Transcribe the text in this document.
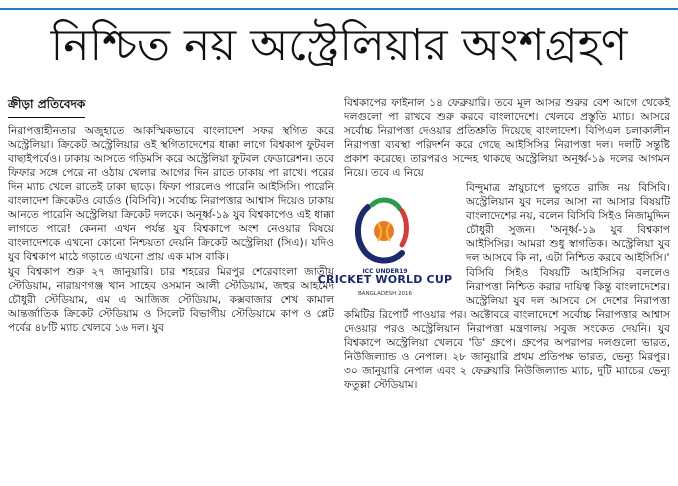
নিশ্চিত নয় অস্ট্রেলিয়ার অংশগ্রহণ
ক্রীড়া প্রতিবেদক

নিরাপত্তাহীনতার অজুহাতে আকস্মিকভাবে বাংলাদেশ সফর স্থগিত করে অস্ট্রেলিয়া। ক্রিকেট অস্ট্রেলিয়ার ওই স্থগিতাদেশের ধাক্কা লাগে বিশ্বকাপ ফুটবল বাছাইপর্বেও। ঢাকায় আসতে গড়িমসি করে অস্ট্রেলিয়া ফুটবল ফেডারেশন। তবে ফিফার সঙ্গে পেরে না ওঠায় খেলার আগের দিন রাতে ঢাকায় পা রাখে। পরের দিন ম্যাচ খেলে রাতেই ঢাকা ছাড়ে। ফিফা পারলেও পারেনি আইসিসি। পারেনি বাংলাদেশ ক্রিকেটও বোর্ডও (বিসিবি)। সর্বোচ্চ নিরাপত্তার আশ্বাস দিয়েও ঢাকায় আনতে পারেনি অস্ট্রেলিয়া ক্রিকেট দলকে। অনূর্ধ্ব-১৯ যুব বিশ্বকাপেও এই ধাক্কা লাগতে পারে! কেননা এখন পর্যন্ত যুব বিশ্বকাপে অংশ নেওয়ার বিষয়ে বাংলাদেশকে এখনো কোনো নিশ্চয়তা দেয়নি ক্রিকেট অস্ট্রেলিয়া (সিএ)। যদিও যুব বিশ্বকাপ মাঠে গড়াতে এখনো প্রায় এক মাস বাকি।

যুব বিশ্বকাপ শুরু ২৭ জানুয়ারি। চার শহরের মিরপুর শেরেবাংলা জাতীয় স্টেডিয়াম, নারায়ণগঞ্জ খান সাহেব ওসমান আলী স্টেডিয়াম, জহুর আহমেদ চৌধুরী স্টেডিয়াম, এম এ আজিজ স্টেডিয়াম, কক্সবাজার শেখ কামাল আন্তর্জাতিক ক্রিকেট স্টেডিয়াম ও সিলেট বিভাগীয় স্টেডিয়ামে কাপ ও প্লেট পর্বের ৪৮টি ম্যাচ খেলবে ১৬ দল। যুব

বিশ্বকাপের ফাইনাল ১৪ ফেব্রুয়ারি। তবে মূল আসর শুরুর বেশ আগে থেকেই দলগুলো পা রাখবে শুরু করবে বাংলাদেশে। খেলবে প্রস্তুতি ম্যাচ। আসরে সর্বোচ্চ নিরাপত্তা দেওয়ার প্রতিশ্রুতি দিয়েছে বাংলাদেশ। বিপিএল চলাকালীন নিরাপত্তা ব্যবস্থা পরিদর্শন করে গেছে আইসিসির নিরাপত্তা দল। দলটি সন্তুষ্টি প্রকাশ করেছে। তারপরও সন্দেহ থাকছে অস্ট্রেলিয়া অনূর্ধ্ব-১৯ দলের আগমন নিয়ে। তবে এ নিয়ে

ICC UNDER19
CRICKET WORLD CUP
BANGLADESH 2016

বিন্দুমাত্র স্নায়ুচাপে ভুগতে রাজি নয় বিসিবি। অস্ট্রেলিয়ান যুব দলের আসা না আসার বিষয়টি বাংলাদেশের নয়, বলেন বিসিবি সিইও নিজামুদ্দিন চৌধুরী সুজন। 'অনূর্ধ্ব-১৯ যুব বিশ্বকাপ আইসিসির। আমরা শুধু স্বাগতিক। অস্ট্রেলিয়া যুব দল আসবে কি না, এটা নিশ্চিত করবে আইসিসি।'

বিসিবি সিইও বিষয়টি আইসিসির বললেও নিরাপত্তা নিশ্চিত করার দায়িত্ব কিন্তু বাংলাদেশের। অস্ট্রেলিয়া যুব দল আসবে সে দেশের নিরাপত্তা কমিটির রিপোর্ট পাওয়ার পর। অক্টোবরে বাংলাদেশে সর্বোচ্চ নিরাপত্তার আশ্বাস দেওয়ার পরও অস্ট্রেলিয়ান নিরাপত্তা মন্ত্রণালয় সবুজ সংকেত দেয়নি। যুব বিশ্বকাপে অস্ট্রেলিয়া খেলবে 'ডি' গ্রুপে। গ্রুপের অপরাপর দলগুলো ভারত, নিউজিল্যান্ড ও নেপাল। ২৮ জানুয়ারি প্রথম প্রতিপক্ষ ভারত, ভেন্যু মিরপুর। ৩০ জানুয়ারি নেপাল এবং ২ ফেব্রুয়ারি নিউজিল্যান্ড ম্যাচ, দুটি ম্যাচের ভেন্যু ফতুল্লা স্টেডিয়াম।
